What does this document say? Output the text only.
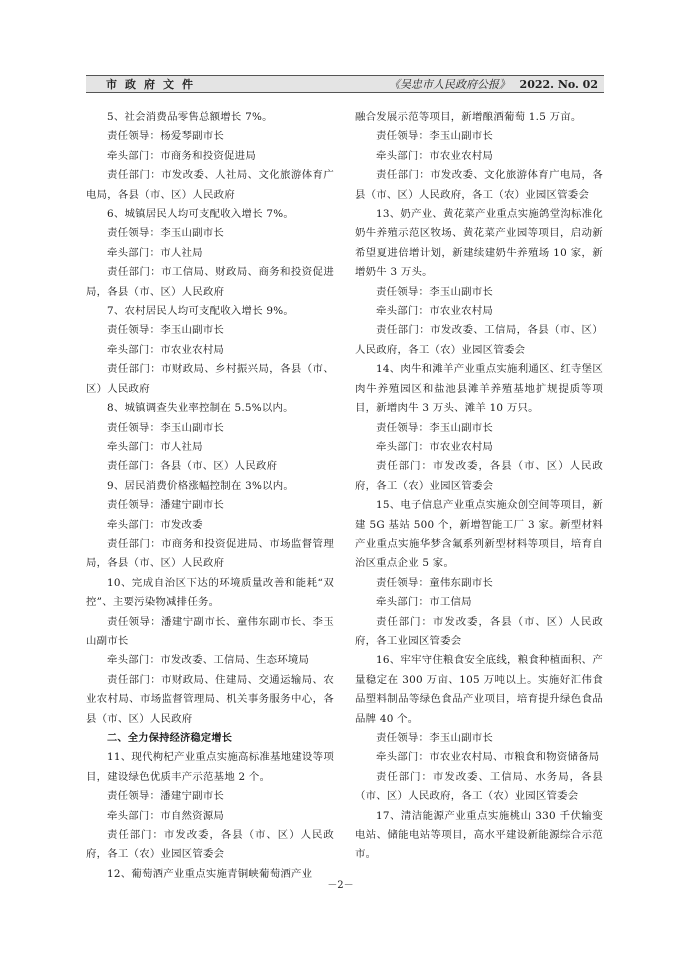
市政府文件	《吴忠市人民政府公报》 2022. No. 02

5、社会消费品零售总额增长 7%。

责任领导：杨爱琴副市长

牵头部门：市商务和投资促进局

责任部门：市发改委、人社局、文化旅游体育广电局，各县（市、区）人民政府

6、城镇居民人均可支配收入增长 7%。

责任领导：李玉山副市长

牵头部门：市人社局

责任部门：市工信局、财政局、商务和投资促进局，各县（市、区）人民政府

7、农村居民人均可支配收入增长 9%。

责任领导：李玉山副市长

牵头部门：市农业农村局

责任部门：市财政局、乡村振兴局，各县（市、区）人民政府

8、城镇调查失业率控制在 5.5%以内。

责任领导：李玉山副市长

牵头部门：市人社局

责任部门：各县（市、区）人民政府

9、居民消费价格涨幅控制在 3%以内。

责任领导：潘建宁副市长

牵头部门：市发改委

责任部门：市商务和投资促进局、市场监督管理局，各县（市、区）人民政府

10、完成自治区下达的环境质量改善和能耗“双控”、主要污染物减排任务。

责任领导：潘建宁副市长、童伟东副市长、李玉山副市长

牵头部门：市发改委、工信局、生态环境局

责任部门：市财政局、住建局、交通运输局、农业农村局、市场监督管理局、机关事务服务中心，各县（市、区）人民政府

二、全力保持经济稳定增长

11、现代枸杞产业重点实施高标准基地建设等项目，建设绿色优质丰产示范基地 2 个。

责任领导：潘建宁副市长

牵头部门：市自然资源局

责任部门：市发改委，各县（市、区）人民政府，各工（农）业园区管委会

12、葡萄酒产业重点实施青铜峡葡萄酒产业

融合发展示范等项目，新增酿酒葡萄 1.5 万亩。

责任领导：李玉山副市长

牵头部门：市农业农村局

责任部门：市发改委、文化旅游体育广电局，各县（市、区）人民政府，各工（农）业园区管委会

13、奶产业、黄花菜产业重点实施鸽堂沟标准化奶牛养殖示范区牧场、黄花菜产业园等项目，启动新希望夏进倍增计划，新建续建奶牛养殖场 10 家，新增奶牛 3 万头。

责任领导：李玉山副市长

牵头部门：市农业农村局

责任部门：市发改委、工信局，各县（市、区）人民政府，各工（农）业园区管委会

14、肉牛和滩羊产业重点实施利通区、红寺堡区肉牛养殖园区和盐池县滩羊养殖基地扩规提质等项目，新增肉牛 3 万头、滩羊 10 万只。

责任领导：李玉山副市长

牵头部门：市农业农村局

责任部门：市发改委，各县（市、区）人民政府，各工（农）业园区管委会

15、电子信息产业重点实施众创空间等项目，新建 5G 基站 500 个，新增智能工厂 3 家。新型材料产业重点实施华梦含氟系列新型材料等项目，培育自治区重点企业 5 家。

责任领导：童伟东副市长

牵头部门：市工信局

责任部门：市发改委，各县（市、区）人民政府，各工业园区管委会

16、牢牢守住粮食安全底线，粮食种植面积、产量稳定在 300 万亩、105 万吨以上。实施好汇伟食品塑料制品等绿色食品产业项目，培育提升绿色食品品牌 40 个。

责任领导：李玉山副市长

牵头部门：市农业农村局、市粮食和物资储备局

责任部门：市发改委、工信局、水务局，各县（市、区）人民政府，各工（农）业园区管委会

17、清洁能源产业重点实施桃山 330 千伏输变电站、储能电站等项目，高水平建设新能源综合示范市。

－2－
